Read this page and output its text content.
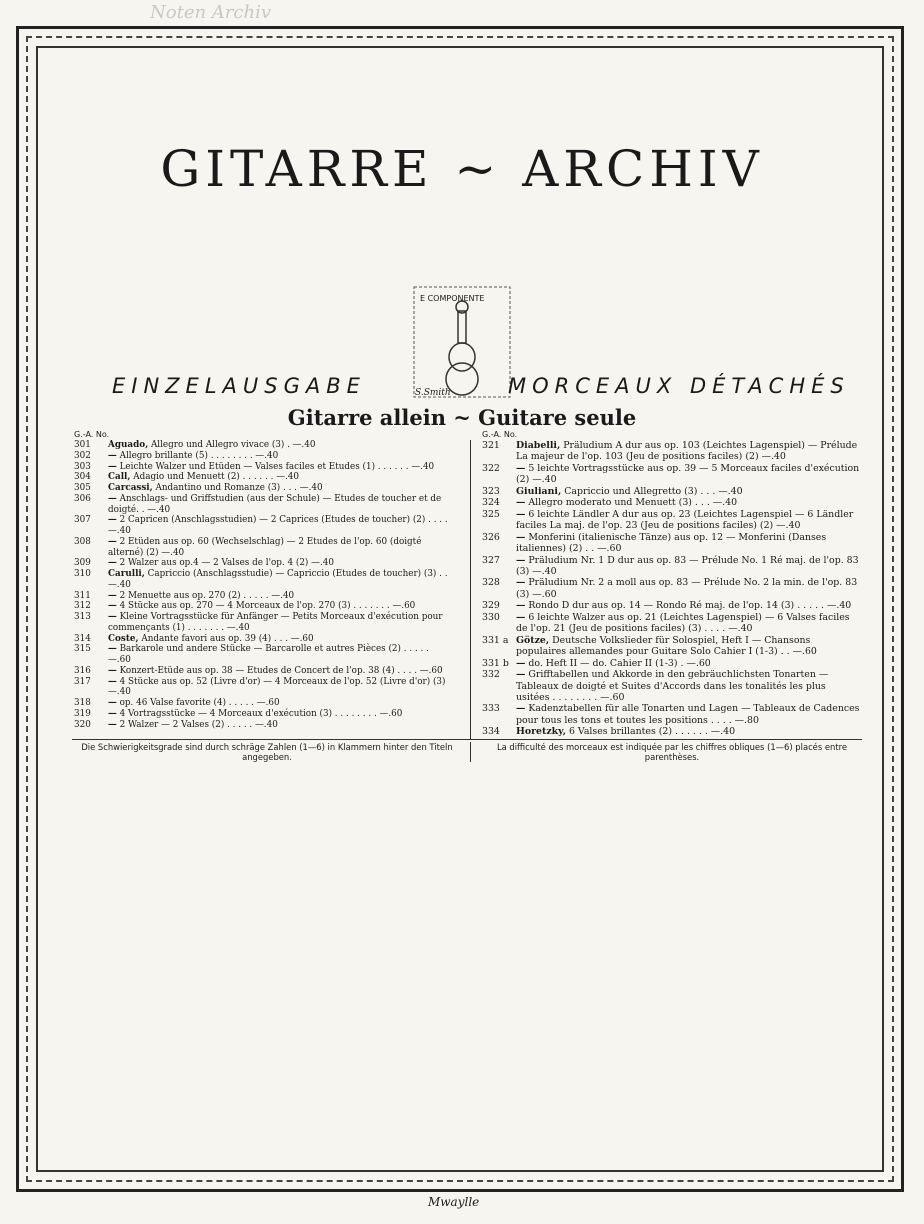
Noten Archiv
GITARRE ~ ARCHIV
E COMPONENTE
S.Smith
EINZELAUSGABE	MORCEAUX DÉTACHÉS
Gitarre allein ~ Guitare seule
G.-A. No.	G.-A. No.
301	Aguado, Allegro und Allegro vivace (3) . —.40
302	— Allegro brillante (5) . . . . . . . . —.40
303	— Leichte Walzer und Etüden — Valses faciles et Etudes (1) . . . . . . —.40
304	Call, Adagio und Menuett (2) . . . . . . —.40
305	Carcassi, Andantino und Romanze (3) . . . —.40
306	— Anschlags- und Griffstudien (aus der Schule) — Etudes de toucher et de doigté. . —.40
307	— 2 Capricen (Anschlagsstudien) — 2 Caprices (Etudes de toucher) (2) . . . . —.40
308	— 2 Etüden aus op. 60 (Wechselschlag) — 2 Etudes de l'op. 60 (doigté alterné) (2) —.40
309	— 2 Walzer aus op.4 — 2 Valses de l'op. 4 (2) —.40
310	Carulli, Capriccio (Anschlagsstudie) — Capriccio (Etudes de toucher) (3) . . —.40
311	— 2 Menuette aus op. 270 (2) . . . . . —.40
312	— 4 Stücke aus op. 270 — 4 Morceaux de l'op. 270 (3) . . . . . . . —.60
313	— Kleine Vortragsstücke für Anfänger — Petits Morceaux d'exécution pour commençants (1) . . . . . . . —.40
314	Coste, Andante favori aus op. 39 (4) . . . —.60
315	— Barkarole und andere Stücke — Barcarolle et autres Pièces (2) . . . . . —.60
316	— Konzert-Etüde aus op. 38 — Etudes de Concert de l'op. 38 (4) . . . . —.60
317	— 4 Stücke aus op. 52 (Livre d'or) — 4 Morceaux de l'op. 52 (Livre d'or) (3) —.40
318	— op. 46 Valse favorite (4) . . . . . —.60
319	— 4 Vortragsstücke — 4 Morceaux d'exécution (3) . . . . . . . . —.60
320	— 2 Walzer — 2 Valses (2) . . . . . —.40
321	Diabelli, Präludium A dur aus op. 103 (Leichtes Lagenspiel) — Prélude La majeur de l'op. 103 (Jeu de positions faciles) (2) —.40
322	— 5 leichte Vortragsstücke aus op. 39 — 5 Morceaux faciles d'exécution (2) —.40
323	Giuliani, Capriccio und Allegretto (3) . . . —.40
324	— Allegro moderato und Menuett (3) . . . —.40
325	— 6 leichte Ländler A dur aus op. 23 (Leichtes Lagenspiel — 6 Ländler faciles La maj. de l'op. 23 (Jeu de positions faciles) (2) —.40
326	— Monferini (italienische Tänze) aus op. 12 — Monferini (Danses italiennes) (2) . . —.60
327	— Präludium Nr. 1 D dur aus op. 83 — Prélude No. 1 Ré maj. de l'op. 83 (3) —.40
328	— Präludium Nr. 2 a moll aus op. 83 — Prélude No. 2 la min. de l'op. 83 (3) —.60
329	— Rondo D dur aus op. 14 — Rondo Ré maj. de l'op. 14 (3) . . . . . —.40
330	— 6 leichte Walzer aus op. 21 (Leichtes Lagenspiel) — 6 Valses faciles de l'op. 21 (Jeu de positions faciles) (3) . . . . —.40
331 a Götze, Deutsche Volkslieder für Solospiel, Heft I — Chansons populaires allemandes pour Guitare Solo Cahier I (1-3) . . —.60
331 b — do. Heft II — do. Cahier II (1-3) . —.60
332	— Grifftabellen und Akkorde in den gebräuchlichsten Tonarten — Tableaux de doigté et Suites d'Accords dans les tonalités les plus usitées . . . . . . . . —.60
333	— Kadenztabellen für alle Tonarten und Lagen — Tableaux de Cadences pour tous les tons et toutes les positions . . . . —.80
334	Horetzky, 6 Valses brillantes (2) . . . . . . —.40
Die Schwierigkeitsgrade sind durch schräge Zahlen (1—6) in Klammern hinter den Titeln angegeben.
La difficulté des morceaux est indiquée par les chiffres obliques (1—6) placés entre parenthèses.
Mwaylle
